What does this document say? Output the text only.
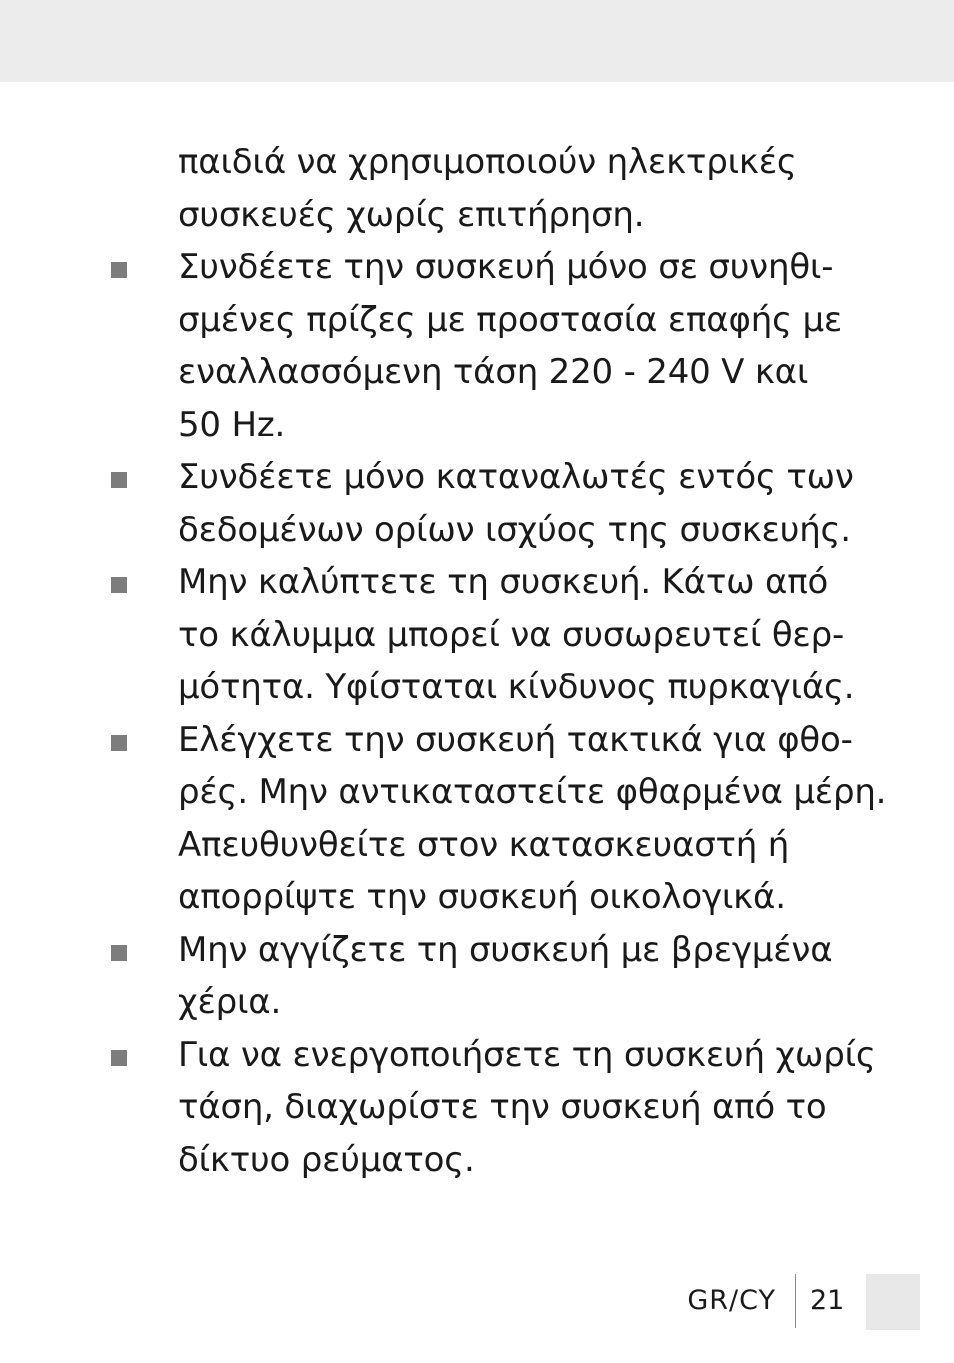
παιδιά να χρησιμοποιούν ηλεκτρικές
συσκευές χωρίς επιτήρηση.
Συνδέετε την συσκευή μόνο σε συνηθι-
σμένες πρίζες με προστασία επαφής με
εναλλασσόμενη τάση 220 - 240 V και
50 Hz.
Συνδέετε μόνο καταναλωτές εντός των
δεδομένων ορίων ισχύος της συσκευής.
Μην καλύπτετε τη συσκευή. Κάτω από
το κάλυμμα μπορεί να συσωρευτεί θερ-
μότητα. Υφίσταται κίνδυνος πυρκαγιάς.
Ελέγχετε την συσκευή τακτικά για φθο-
ρές. Μην αντικαταστείτε φθαρμένα μέρη.
Απευθυνθείτε στον κατασκευαστή ή
απορρίψτε την συσκευή οικολογικά.
Μην αγγίζετε τη συσκευή με βρεγμένα
χέρια.
Για να ενεργοποιήσετε τη συσκευή χωρίς
τάση, διαχωρίστε την συσκευή από το
δίκτυο ρεύματος.
GR/CY 21
